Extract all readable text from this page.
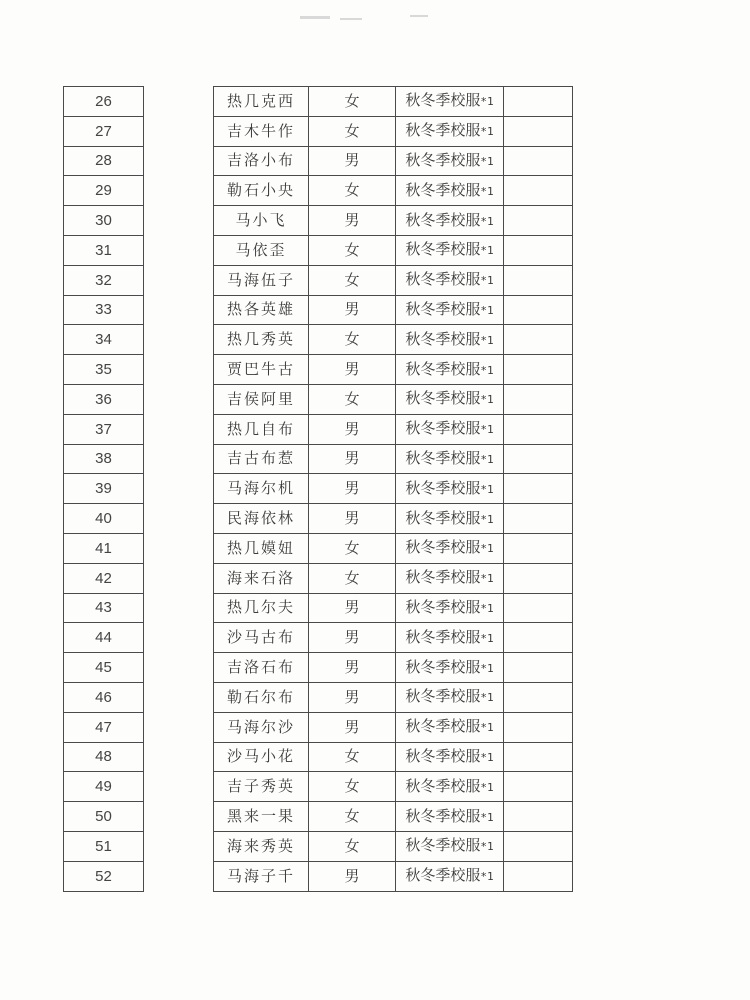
26		热几克西	女	秋冬季校服*1	
27		吉木牛作	女	秋冬季校服*1	
28		吉洛小布	男	秋冬季校服*1	
29		勒石小央	女	秋冬季校服*1	
30		马小飞	男	秋冬季校服*1	
31		马依歪	女	秋冬季校服*1	
32		马海伍子	女	秋冬季校服*1	
33		热各英雄	男	秋冬季校服*1	
34		热几秀英	女	秋冬季校服*1	
35		贾巴牛古	男	秋冬季校服*1	
36		吉侯阿里	女	秋冬季校服*1	
37		热几自布	男	秋冬季校服*1	
38		吉古布惹	男	秋冬季校服*1	
39		马海尔机	男	秋冬季校服*1	
40		民海依林	男	秋冬季校服*1	
41		热几嫫妞	女	秋冬季校服*1	
42		海来石洛	女	秋冬季校服*1	
43		热几尔夫	男	秋冬季校服*1	
44		沙马古布	男	秋冬季校服*1	
45		吉洛石布	男	秋冬季校服*1	
46		勒石尔布	男	秋冬季校服*1	
47		马海尔沙	男	秋冬季校服*1	
48		沙马小花	女	秋冬季校服*1	
49		吉子秀英	女	秋冬季校服*1	
50		黑来一果	女	秋冬季校服*1	
51		海来秀英	女	秋冬季校服*1	
52		马海子千	男	秋冬季校服*1	
